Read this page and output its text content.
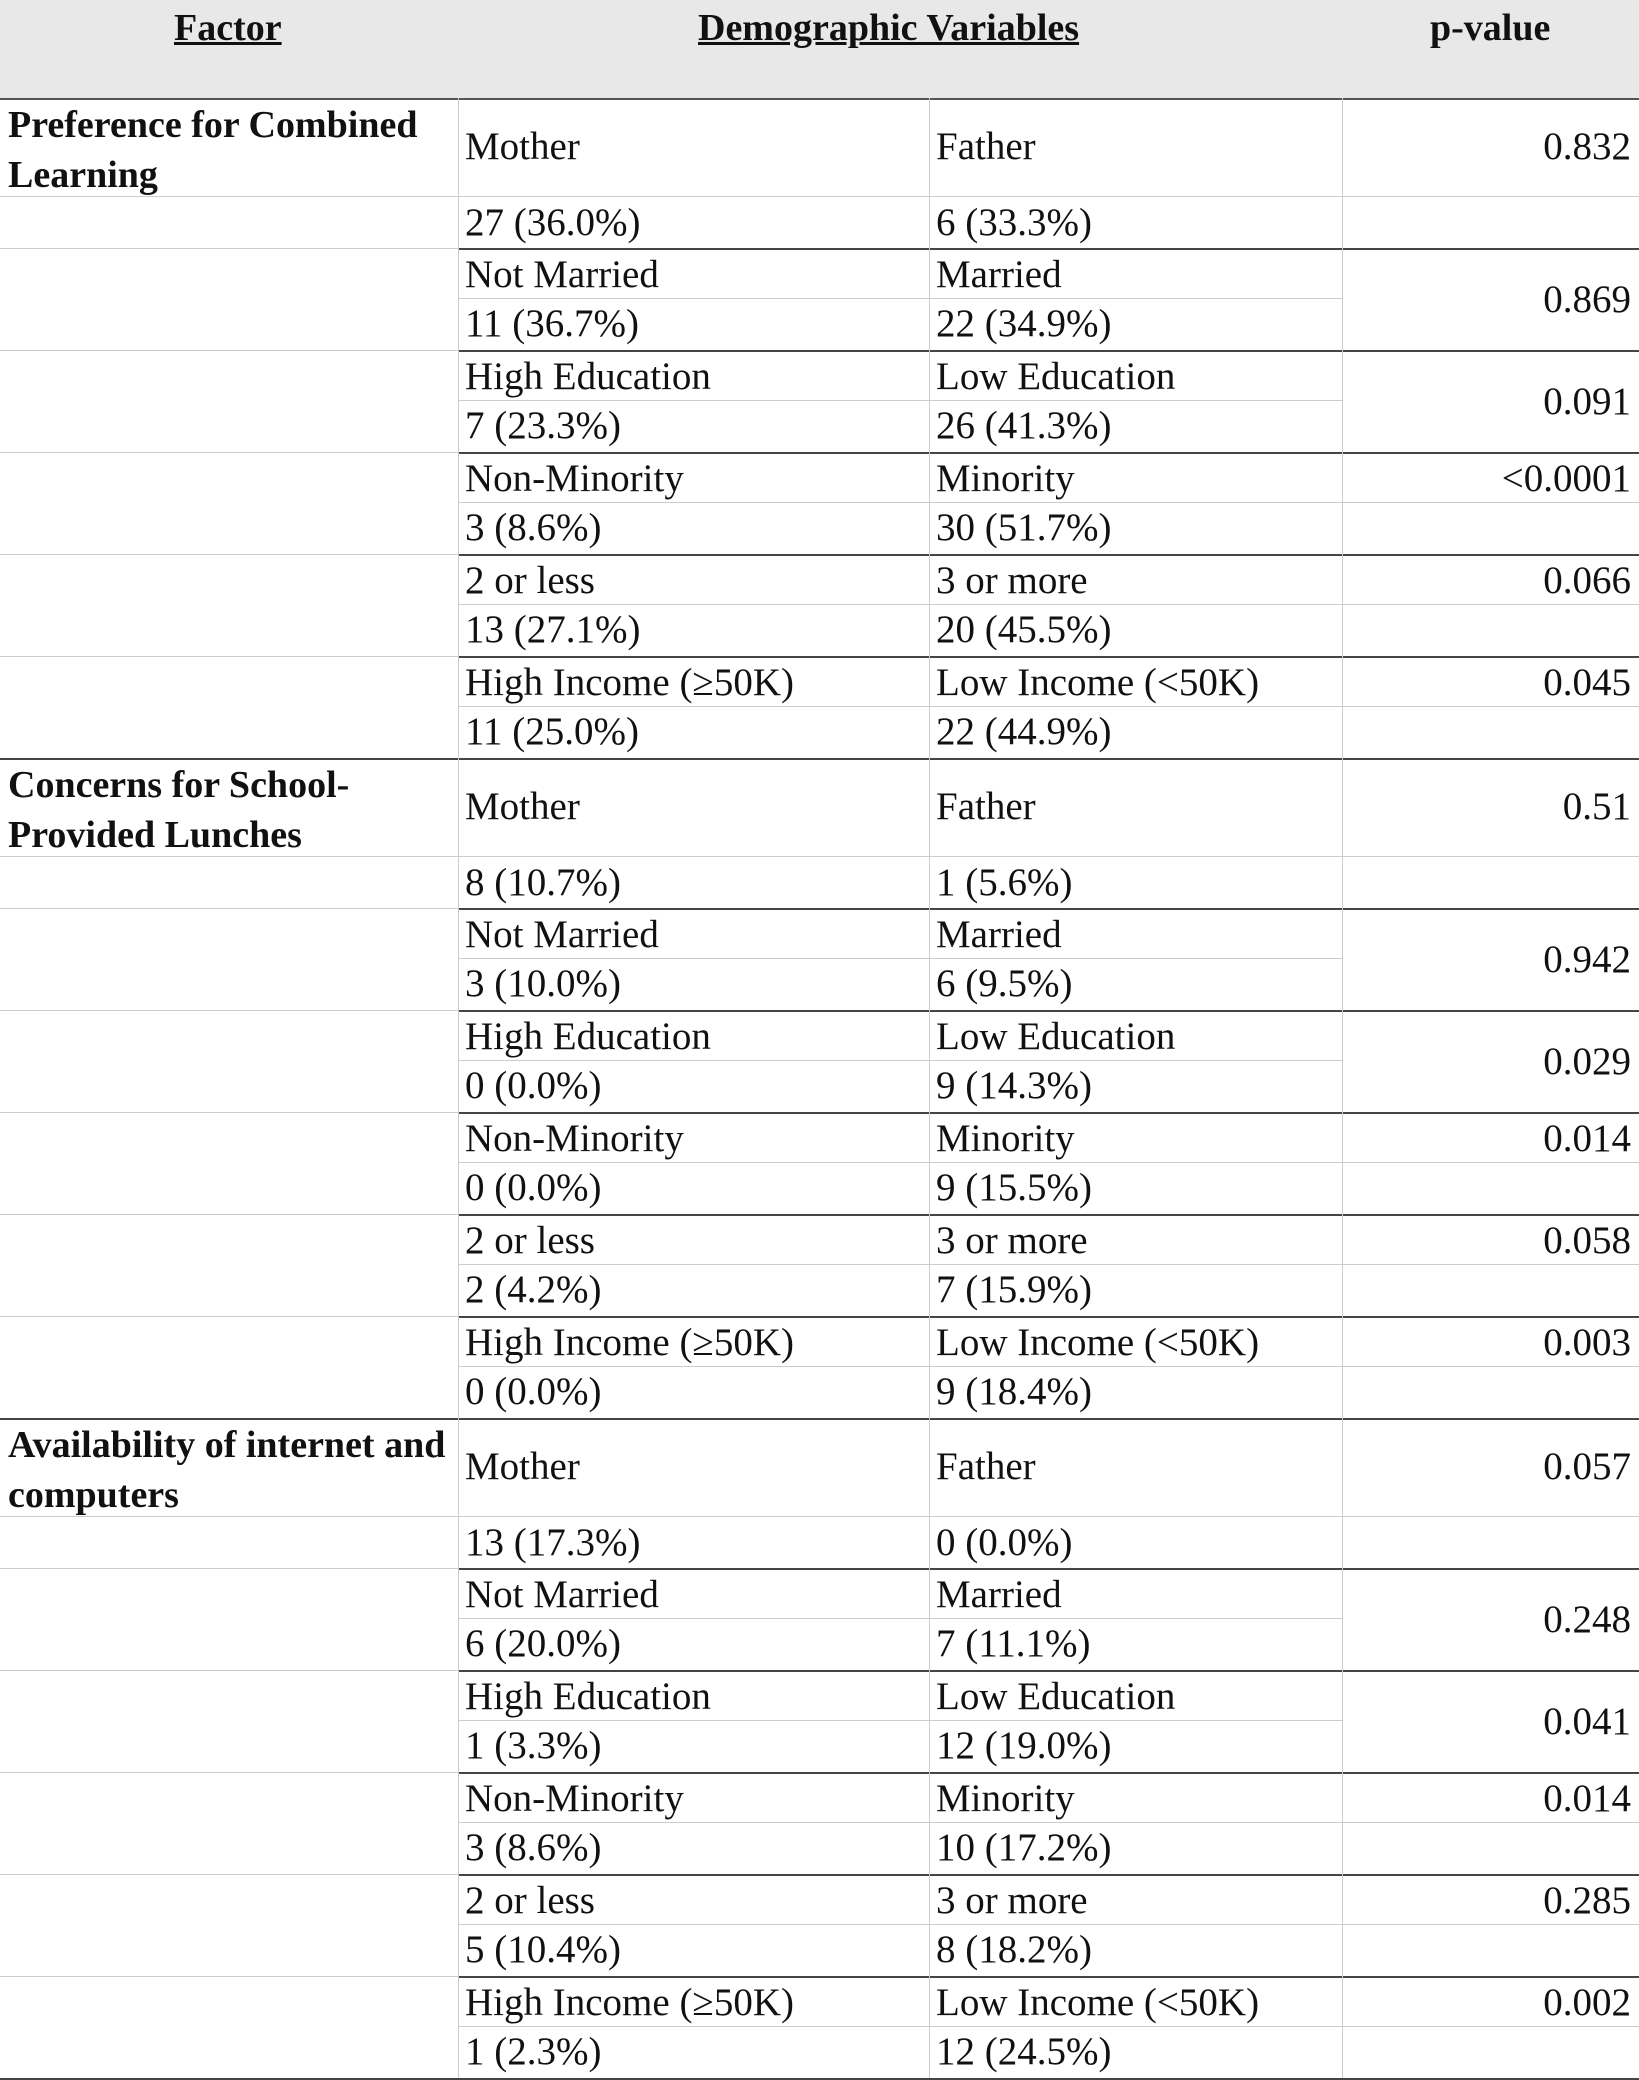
Factor	Demographic Variables	p-value
Preference for Combined Learning
Mother
27 (36.0%)
Father
6 (33.3%)
0.832
Not Married
11 (36.7%)
Married
22 (34.9%)
0.869
High Education
7 (23.3%)
Low Education
26 (41.3%)
0.091
Non-Minority
3 (8.6%)
Minority
30 (51.7%)
<0.0001
2 or less
13 (27.1%)
3 or more
20 (45.5%)
0.066
High Income (≥50K)
11 (25.0%)
Low Income (<50K)
22 (44.9%)
0.045
Concerns for School-Provided Lunches
Mother
8 (10.7%)
Father
1 (5.6%)
0.51
Not Married
3 (10.0%)
Married
6 (9.5%)
0.942
High Education
0 (0.0%)
Low Education
9 (14.3%)
0.029
Non-Minority
0 (0.0%)
Minority
9 (15.5%)
0.014
2 or less
2 (4.2%)
3 or more
7 (15.9%)
0.058
High Income (≥50K)
0 (0.0%)
Low Income (<50K)
9 (18.4%)
0.003
Availability of internet and computers
Mother
13 (17.3%)
Father
0 (0.0%)
0.057
Not Married
6 (20.0%)
Married
7 (11.1%)
0.248
High Education
1 (3.3%)
Low Education
12 (19.0%)
0.041
Non-Minority
3 (8.6%)
Minority
10 (17.2%)
0.014
2 or less
5 (10.4%)
3 or more
8 (18.2%)
0.285
High Income (≥50K)
1 (2.3%)
Low Income (<50K)
12 (24.5%)
0.002
